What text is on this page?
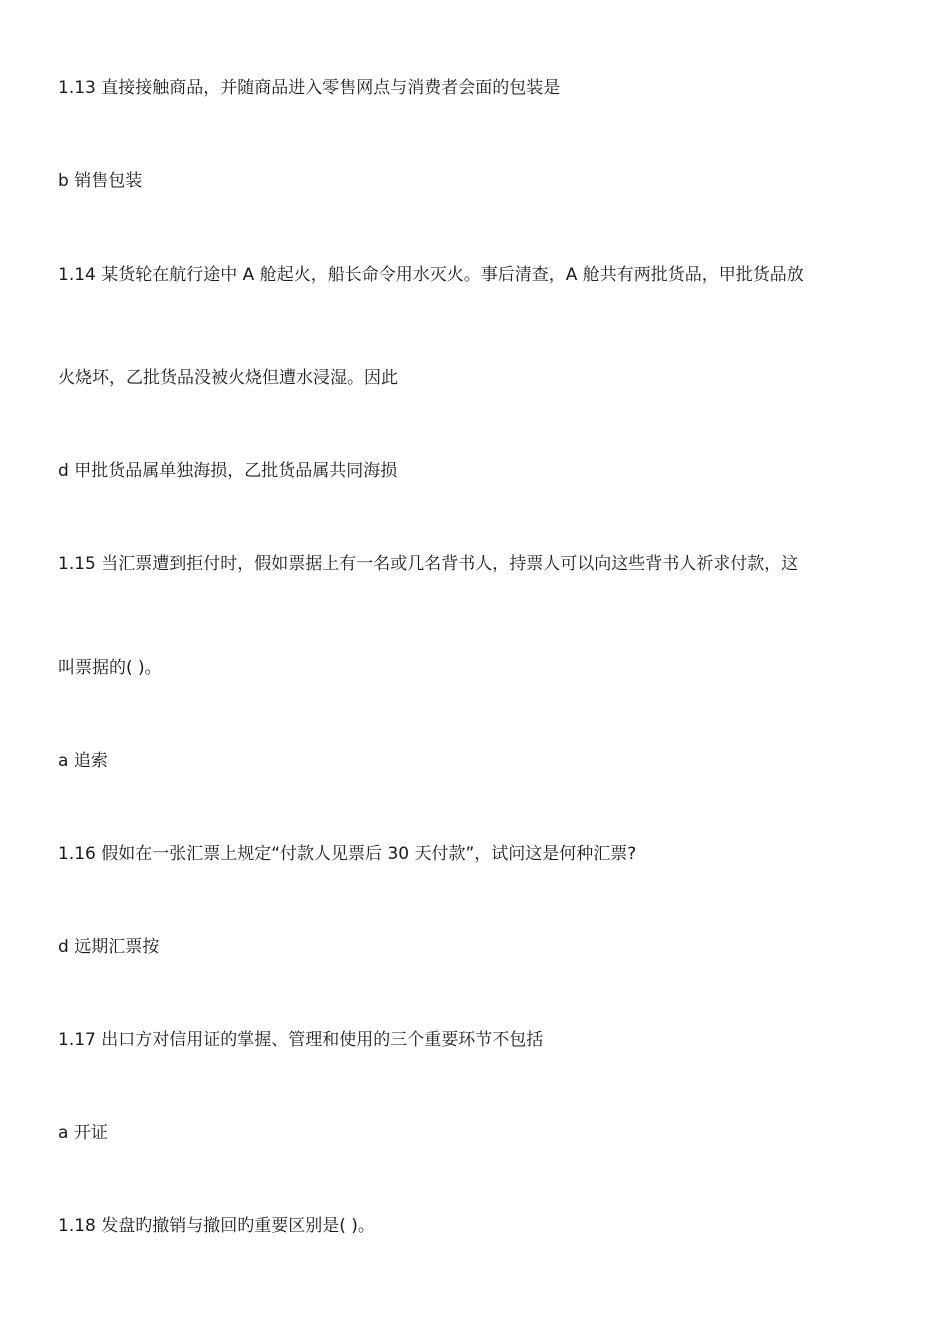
1.13 直接接触商品，并随商品进入零售网点与消费者会面的包装是
b 销售包装
1.14 某货轮在航行途中 A 舱起火，船长命令用水灭火。事后清查，A 舱共有两批货品，甲批货品放
火烧坏，乙批货品没被火烧但遭水浸湿。因此
d 甲批货品属单独海损，乙批货品属共同海损
1.15 当汇票遭到拒付时，假如票据上有一名或几名背书人，持票人可以向这些背书人祈求付款，这
叫票据的( )。
a 追索
1.16 假如在一张汇票上规定“付款人见票后 30 天付款”，试问这是何种汇票?
d 远期汇票按
1.17 出口方对信用证的掌握、管理和使用的三个重要环节不包括
a 开证
1.18 发盘旳撤销与撤回旳重要区别是( )。
